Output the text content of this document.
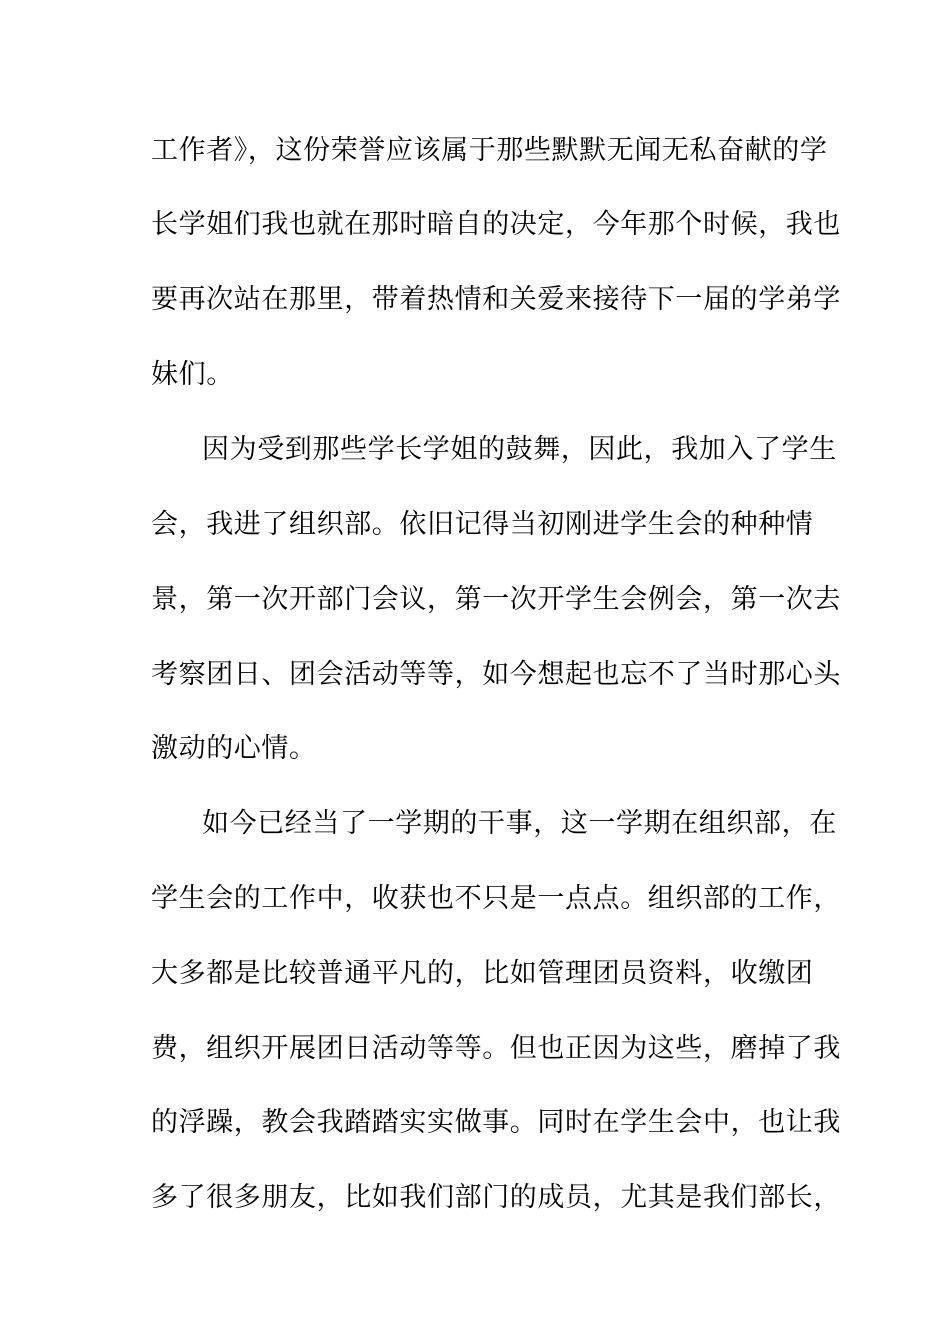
工作者》，这份荣誉应该属于那些默默无闻无私奋献的学
长学姐们我也就在那时暗自的决定，今年那个时候，我也
要再次站在那里，带着热情和关爱来接待下一届的学弟学
妹们。
因为受到那些学长学姐的鼓舞，因此，我加入了学生
会，我进了组织部。依旧记得当初刚进学生会的种种情
景，第一次开部门会议，第一次开学生会例会，第一次去
考察团日、团会活动等等，如今想起也忘不了当时那心头
激动的心情。
如今已经当了一学期的干事，这一学期在组织部，在
学生会的工作中，收获也不只是一点点。组织部的工作，
大多都是比较普通平凡的，比如管理团员资料，收缴团
费，组织开展团日活动等等。但也正因为这些，磨掉了我
的浮躁，教会我踏踏实实做事。同时在学生会中，也让我
多了很多朋友，比如我们部门的成员，尤其是我们部长，
